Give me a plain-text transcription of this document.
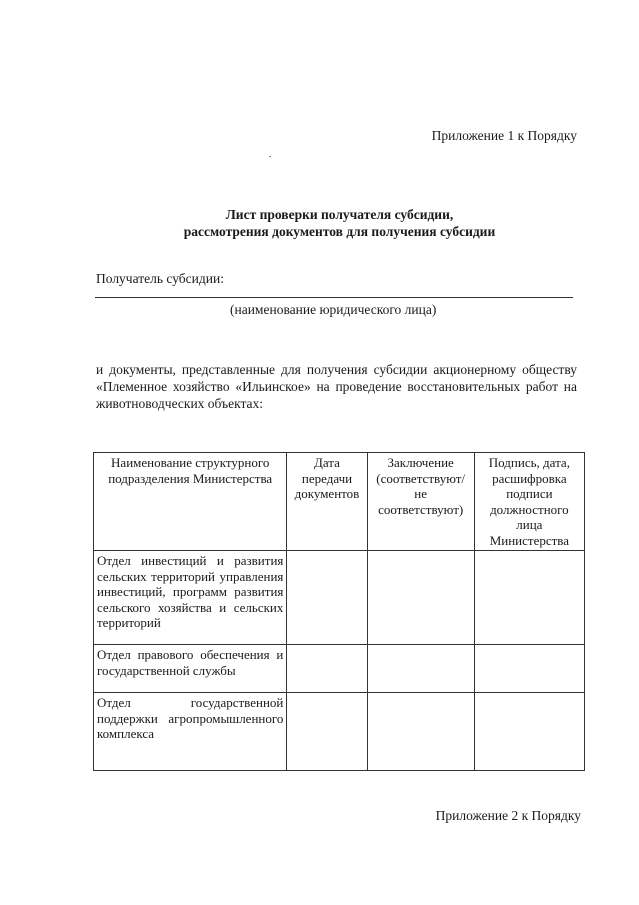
Приложение 1 к Порядку
Лист проверки получателя субсидии,
рассмотрения документов для получения субсидии
Получатель субсидии:
(наименование юридического лица)
и документы, представленные для получения субсидии акционерному обществу «Племенное хозяйство «Ильинское» на проведение восстановительных работ на животноводческих объектах:
Наименование структурного подразделения Министерства	Дата передачи документов	Заключение (соответствуют/ не соответствуют)	Подпись, дата, расшифровка подписи должностного лица Министерства
Отдел инвестиций и развития сельских территорий управления инвестиций, программ развития сельского хозяйства и сельских территорий			
Отдел правового обеспечения и государственной службы			
Отдел государственной поддержки агропромышленного комплекса			
Приложение 2 к Порядку
